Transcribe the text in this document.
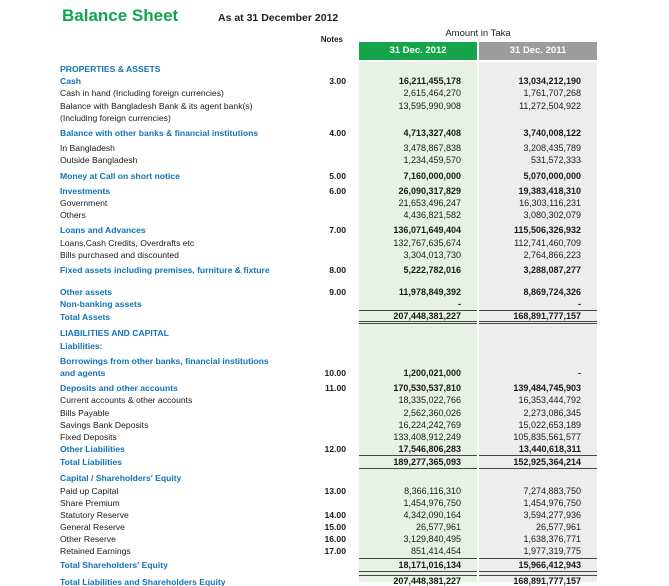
Balance Sheet	As at 31 December 2012
Amount in Taka
Notes
31 Dec. 2012	31 Dec. 2011
PROPERTIES & ASSETS
Cash	3.00	16,211,455,178	13,034,212,190
Cash in hand (Including foreign currencies)	2,615,464,270	1,761,707,268
Balance with Bangladesh Bank & its agent bank(s)	13,595,990,908	11,272,504,922
(Including foreign currencies)
Balance with other banks & financial institutions	4.00	4,713,327,408	3,740,008,122
In Bangladesh	3,478,867,838	3,208,435,789
Outside Bangladesh	1,234,459,570	531,572,333
Money at Call on short notice	5.00	7,160,000,000	5,070,000,000
Investments	6.00	26,090,317,829	19,383,418,310
Government	21,653,496,247	16,303,116,231
Others	4,436,821,582	3,080,302,079
Loans and Advances	7.00	136,071,649,404	115,506,326,932
Loans,Cash Credits, Overdrafts etc	132,767,635,674	112,741,460,709
Bills purchased and discounted	3,304,013,730	2,764,866,223
Fixed assets including premises, furniture & fixture	8.00	5,222,782,016	3,288,087,277
Other assets	9.00	11,978,849,392	8,869,724,326
Non-banking assets	-	-
Total Assets	207,448,381,227	168,891,777,157
LIABILITIES AND CAPITAL
Liabilities:
Borrowings from other banks, financial institutions
and agents	10.00	1,200,021,000	-
Deposits and other accounts	11.00	170,530,537,810	139,484,745,903
Current accounts & other accounts	18,335,022,766	16,353,444,792
Bills Payable	2,562,360,026	2,273,086,345
Savings Bank Deposits	16,224,242,769	15,022,653,189
Fixed Deposits	133,408,912,249	105,835,561,577
Other Liabilities	12.00	17,546,806,283	13,440,618,311
Total Liabilities	189,277,365,093	152,925,364,214
Capital / Shareholders' Equity
Paid up Capital	13.00	8,366,116,310	7,274,883,750
Share Premium	1,454,976,750	1,454,976,750
Statutory Reserve	14.00	4,342,090,164	3,594,277,936
General Reserve	15.00	26,577,961	26,577,961
Other Reserve	16.00	3,129,840,495	1,638,376,771
Retained Earnings	17.00	851,414,454	1,977,319,775
Total Shareholders' Equity	18,171,016,134	15,966,412,943
Total Liabilities and Shareholders Equity	207,448,381,227	168,891,777,157
